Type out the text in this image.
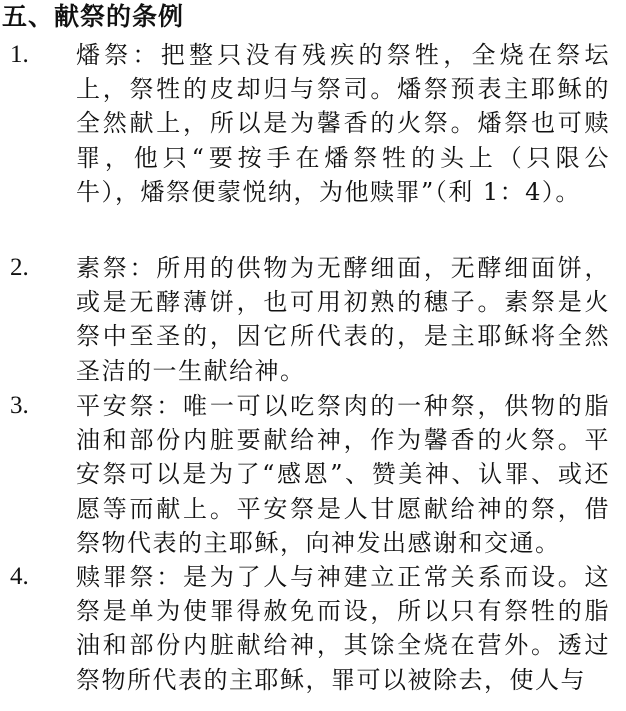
五、献祭的条例
1. 燔祭：把整只没有残疾的祭牲，全烧在祭坛上，祭牲的皮却归与祭司。燔祭预表主耶稣的全然献上，所以是为馨香的火祭。燔祭也可赎罪，他只“要按手在燔祭牲的头上（只限公牛），燔祭便蒙悦纳，为他赎罪”（利 1：4）。

2. 素祭：所用的供物为无酵细面，无酵细面饼，或是无酵薄饼，也可用初熟的穗子。素祭是火祭中至圣的，因它所代表的，是主耶稣将全然圣洁的一生献给神。

3. 平安祭：唯一可以吃祭肉的一种祭，供物的脂油和部份内脏要献给神，作为馨香的火祭。平安祭可以是为了“感恩”、赞美神、认罪、或还愿等而献上。平安祭是人甘愿献给神的祭，借祭物代表的主耶稣，向神发出感谢和交通。

4. 赎罪祭：是为了人与神建立正常关系而设。这祭是单为使罪得赦免而设，所以只有祭牲的脂油和部份内脏献给神，其馀全烧在营外。透过祭物所代表的主耶稣，罪可以被除去，使人与
